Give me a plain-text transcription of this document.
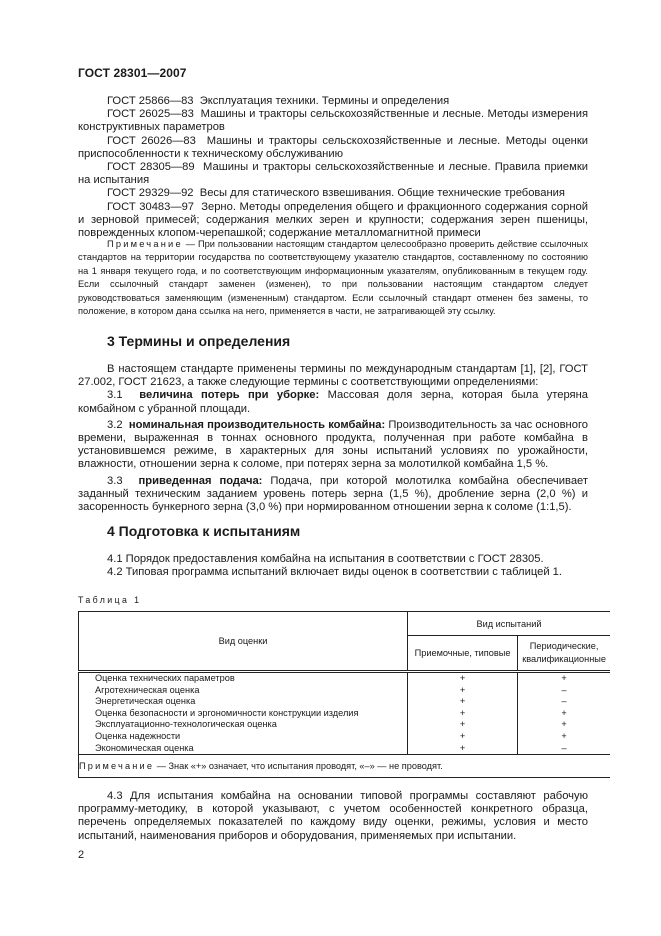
ГОСТ 28301—2007

ГОСТ 25866—83 Эксплуатация техники. Термины и определения

ГОСТ 26025—83 Машины и тракторы сельскохозяйственные и лесные. Методы измерения конструктивных параметров

ГОСТ 26026—83 Машины и тракторы сельскохозяйственные и лесные. Методы оценки приспособленности к техническому обслуживанию

ГОСТ 28305—89 Машины и тракторы сельскохозяйственные и лесные. Правила приемки на испытания

ГОСТ 29329—92 Весы для статического взвешивания. Общие технические требования

ГОСТ 30483—97 Зерно. Методы определения общего и фракционного содержания сорной и зерновой примесей; содержания мелких зерен и крупности; содержания зерен пшеницы, поврежденных клопом-черепашкой; содержание металломагнитной примеси

Примечание — При пользовании настоящим стандартом целесообразно проверить действие ссылочных стандартов на территории государства по соответствующему указателю стандартов, составленному по состоянию на 1 января текущего года, и по соответствующим информационным указателям, опубликованным в текущем году. Если ссылочный стандарт заменен (изменен), то при пользовании настоящим стандартом следует руководствоваться заменяющим (измененным) стандартом. Если ссылочный стандарт отменен без замены, то положение, в котором дана ссылка на него, применяется в части, не затрагивающей эту ссылку.

3 Термины и определения

В настоящем стандарте применены термины по международным стандартам [1], [2], ГОСТ 27.002, ГОСТ 21623, а также следующие термины с соответствующими определениями:

3.1 величина потерь при уборке: Массовая доля зерна, которая была утеряна комбайном с убранной площади.

3.2 номинальная производительность комбайна: Производительность за час основного времени, выраженная в тоннах основного продукта, полученная при работе комбайна в установившемся режиме, в характерных для зоны испытаний условиях по урожайности, влажности, отношении зерна к соломе, при потерях зерна за молотилкой комбайна 1,5 %.

3.3 приведенная подача: Подача, при которой молотилка комбайна обеспечивает заданный техническим заданием уровень потерь зерна (1,5 %), дробление зерна (2,0 %) и засоренность бункерного зерна (3,0 %) при нормированном отношении зерна к соломе (1:1,5).

4 Подготовка к испытаниям

4.1 Порядок предоставления комбайна на испытания в соответствии с ГОСТ 28305.

4.2 Типовая программа испытаний включает виды оценок в соответствии с таблицей 1.

Таблица 1
Вид оценки	Вид испытаний	
	Приемочные, типовые	Периодические, квалификационные
Оценка технических параметров	+	+
Агротехническая оценка	+	–
Энергетическая оценка	+	–
Оценка безопасности и эргономичности конструкции изделия	+	+
Эксплуатационно-технологическая оценка	+	+
Оценка надежности	+	+
Экономическая оценка	+	–
Примечание — Знак «+» означает, что испытания проводят, «–» — не проводят.		

4.3 Для испытания комбайна на основании типовой программы составляют рабочую программу-методику, в которой указывают, с учетом особенностей конкретного образца, перечень определяемых показателей по каждому виду оценки, режимы, условия и место испытаний, наименования приборов и оборудования, применяемых при испытании.

2
